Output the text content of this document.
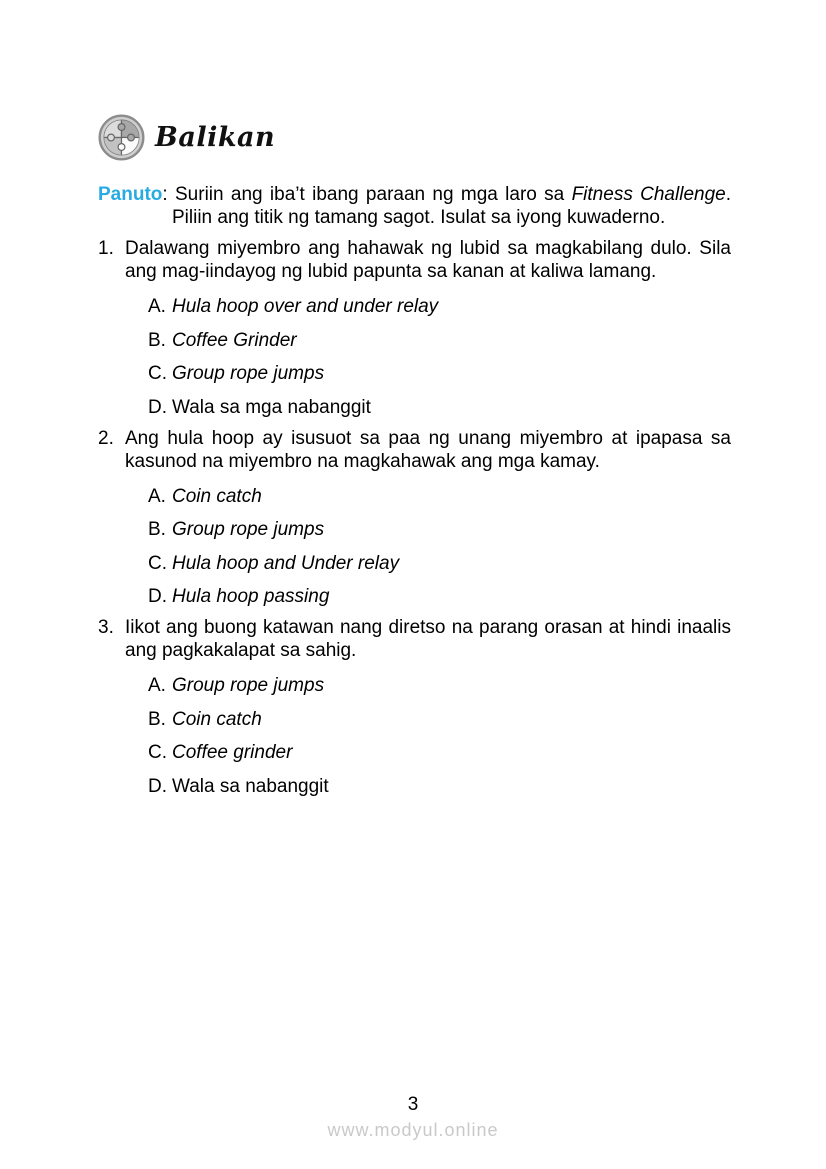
Balikan

Panuto: Suriin ang iba’t ibang paraan ng mga laro sa Fitness Challenge. Piliin ang titik ng tamang sagot. Isulat sa iyong kuwaderno.

1. Dalawang miyembro ang hahawak ng lubid sa magkabilang dulo. Sila ang mag-iindayog ng lubid papunta sa kanan at kaliwa lamang.

A. Hula hoop over and under relay
B. Coffee Grinder
C. Group rope jumps
D. Wala sa mga nabanggit

2. Ang hula hoop ay isusuot sa paa ng unang miyembro at ipapasa sa kasunod na miyembro na magkahawak ang mga kamay.

A. Coin catch
B. Group rope jumps
C. Hula hoop and Under relay
D. Hula hoop passing

3. Iikot ang buong katawan nang diretso na parang orasan at hindi inaalis ang pagkakalapat sa sahig.

A. Group rope jumps
B. Coin catch
C. Coffee grinder
D. Wala sa nabanggit
3
www.modyul.online
